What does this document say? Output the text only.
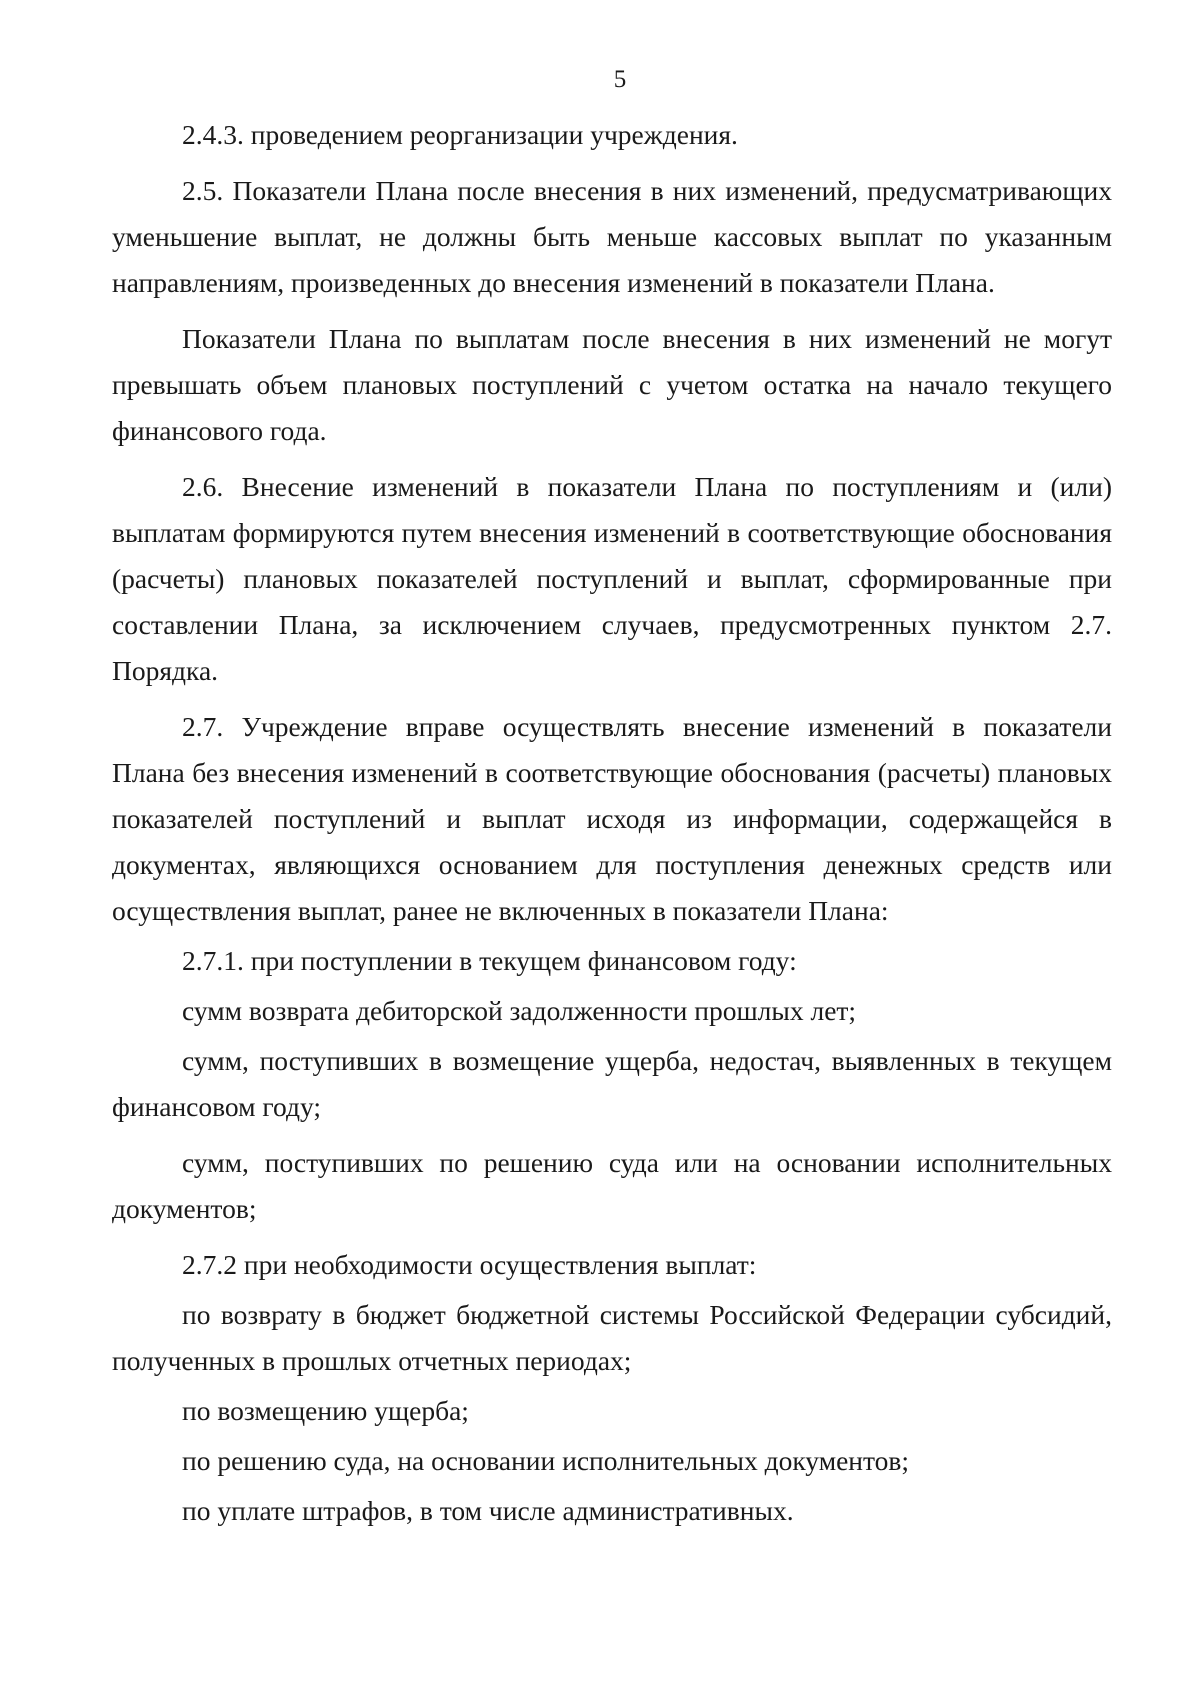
5

2.4.3. проведением реорганизации учреждения.

2.5. Показатели Плана после внесения в них изменений, предусматривающих уменьшение выплат, не должны быть меньше кассовых выплат по указанным направлениям, произведенных до внесения изменений в показатели Плана.

Показатели Плана по выплатам после внесения в них изменений не могут превышать объем плановых поступлений с учетом остатка на начало текущего финансового года.

2.6. Внесение изменений в показатели Плана по поступлениям и (или) выплатам формируются путем внесения изменений в соответствующие обоснования (расчеты) плановых показателей поступлений и выплат, сформированные при составлении Плана, за исключением случаев, предусмотренных пунктом 2.7. Порядка.

2.7. Учреждение вправе осуществлять внесение изменений в показатели Плана без внесения изменений в соответствующие обоснования (расчеты) плановых показателей поступлений и выплат исходя из информации, содержащейся в документах, являющихся основанием для поступления денежных средств или осуществления выплат, ранее не включенных в показатели Плана:

2.7.1. при поступлении в текущем финансовом году:

сумм возврата дебиторской задолженности прошлых лет;

сумм, поступивших в возмещение ущерба, недостач, выявленных в текущем финансовом году;

сумм, поступивших по решению суда или на основании исполнительных документов;

2.7.2 при необходимости осуществления выплат:

по возврату в бюджет бюджетной системы Российской Федерации субсидий, полученных в прошлых отчетных периодах;

по возмещению ущерба;

по решению суда, на основании исполнительных документов;

по уплате штрафов, в том числе административных.
